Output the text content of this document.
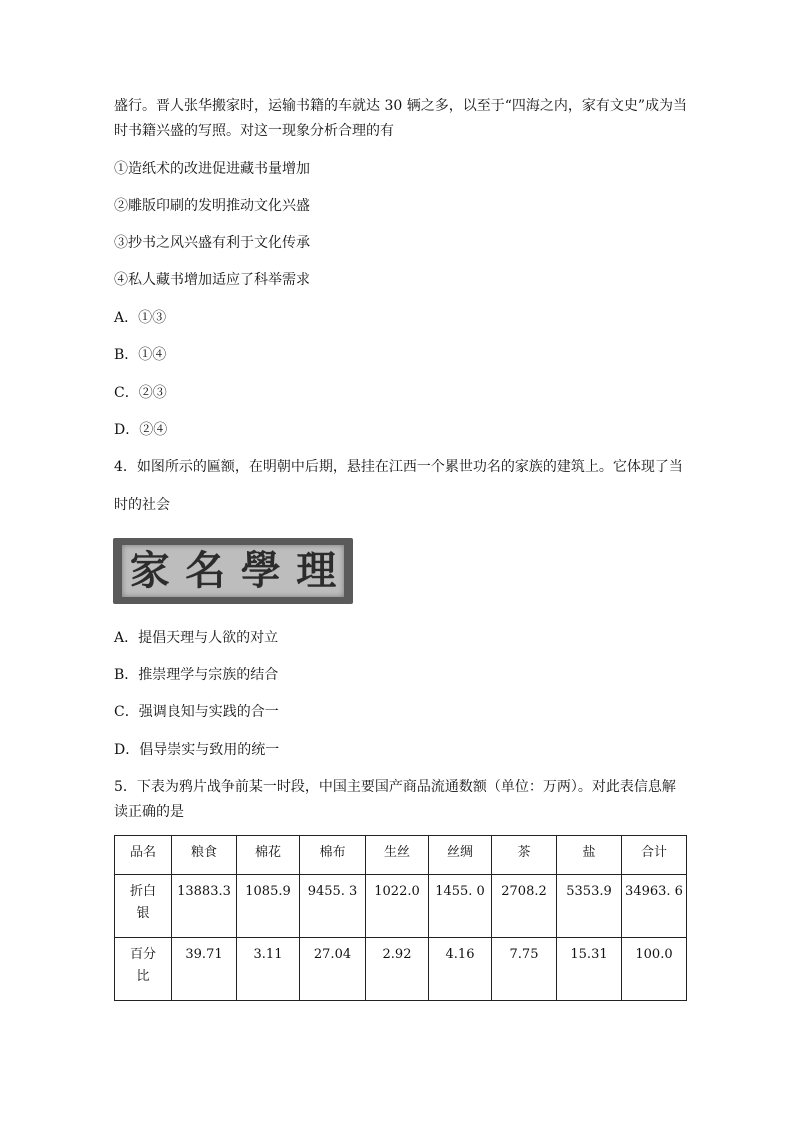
盛行。晋人张华搬家时，运输书籍的车就达 30 辆之多，以至于“四海之内，家有文史”成为当
时书籍兴盛的写照。对这一现象分析合理的有
①造纸术的改进促进藏书量增加
②雕版印刷的发明推动文化兴盛
③抄书之风兴盛有利于文化传承
④私人藏书增加适应了科举需求
A．①③
B．①④
C．②③
D．②④
4．如图所示的匾额，在明朝中后期，悬挂在江西一个累世功名的家族的建筑上。它体现了当
时的社会
家 名 學 理
A．提倡天理与人欲的对立
B．推崇理学与宗族的结合
C．强调良知与实践的合一
D．倡导崇实与致用的统一
5．下表为鸦片战争前某一时段，中国主要国产商品流通数额（单位：万两）。对此表信息解
读正确的是
品名	粮食	棉花	棉布	生丝	丝绸	茶	盐	合计
折白
银	13883.3	1085.9	9455. 3	1022.0	1455. 0	2708.2	5353.9	34963. 6
百分
比	39.71	3.11	27.04	2.92	4.16	7.75	15.31	100.0
